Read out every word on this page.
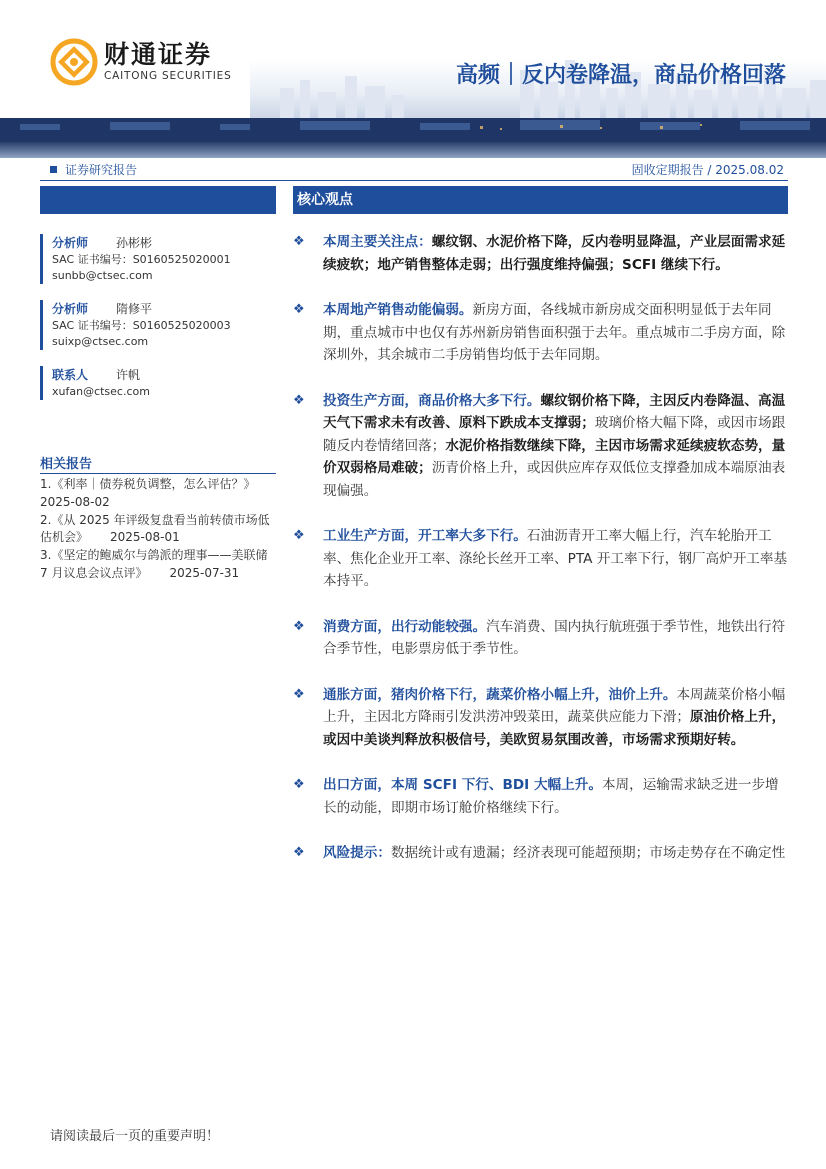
财通证券
CAITONG SECURITIES	高频｜反内卷降温，商品价格回落
证券研究报告	固收定期报告 / 2025.08.02
分析师	孙彬彬
SAC 证书编号：S0160525020001
sunbb@ctsec.com
分析师	隋修平
SAC 证书编号：S0160525020003
suixp@ctsec.com
联系人	许帆
xufan@ctsec.com
相关报告
1.《利率｜债券税负调整，怎么评估？》
2025-08-02
2.《从 2025 年评级复盘看当前转债市场低估机会》 2025-08-01
3.《坚定的鲍威尔与鸽派的理事——美联储 7 月议息会议点评》 2025-07-31
核心观点
❖ 本周主要关注点：螺纹钢、水泥价格下降，反内卷明显降温，产业层面需求延续疲软；地产销售整体走弱；出行强度维持偏强；SCFI 继续下行。
❖ 本周地产销售动能偏弱。新房方面，各线城市新房成交面积明显低于去年同期，重点城市中也仅有苏州新房销售面积强于去年。重点城市二手房方面，除深圳外，其余城市二手房销售均低于去年同期。
❖ 投资生产方面，商品价格大多下行。螺纹钢价格下降，主因反内卷降温、高温天气下需求未有改善、原料下跌成本支撑弱；玻璃价格大幅下降，或因市场跟随反内卷情绪回落；水泥价格指数继续下降，主因市场需求延续疲软态势，量价双弱格局难破；沥青价格上升，或因供应库存双低位支撑叠加成本端原油表现偏强。
❖ 工业生产方面，开工率大多下行。石油沥青开工率大幅上行，汽车轮胎开工率、焦化企业开工率、涤纶长丝开工率、PTA 开工率下行，钢厂高炉开工率基本持平。
❖ 消费方面，出行动能较强。汽车消费、国内执行航班强于季节性，地铁出行符合季节性，电影票房低于季节性。
❖ 通胀方面，猪肉价格下行，蔬菜价格小幅上升，油价上升。本周蔬菜价格小幅上升，主因北方降雨引发洪涝冲毁菜田，蔬菜供应能力下滑；原油价格上升，或因中美谈判释放积极信号，美欧贸易氛围改善，市场需求预期好转。
❖ 出口方面，本周 SCFI 下行、BDI 大幅上升。本周，运输需求缺乏进一步增长的动能，即期市场订舱价格继续下行。
❖ 风险提示：数据统计或有遗漏；经济表现可能超预期；市场走势存在不确定性
请阅读最后一页的重要声明！
